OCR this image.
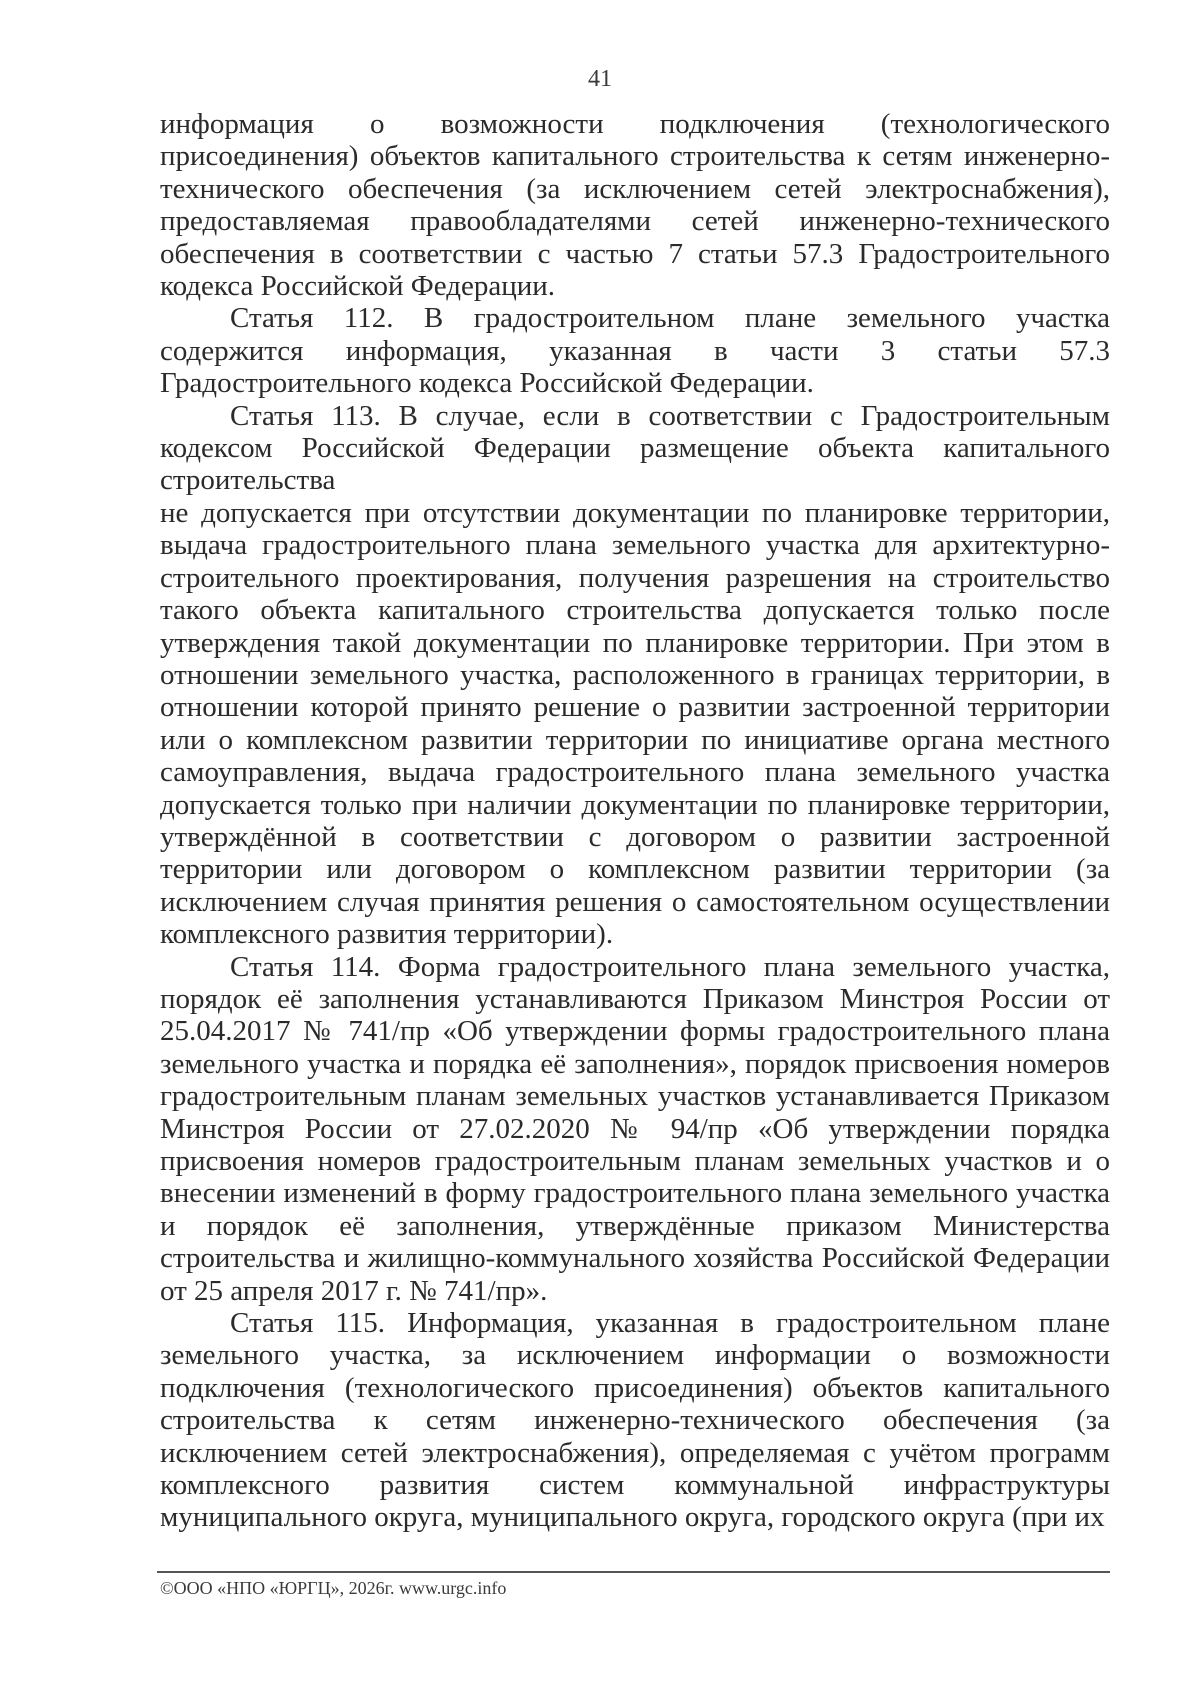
41

информация о возможности подключения (технологического присоединения) объектов капитального строительства к сетям инженерно-технического обеспечения (за исключением сетей электроснабжения), предоставляемая правообладателями сетей инженерно-технического обеспечения в соответствии с частью 7 статьи 57.3 Градостроительного кодекса Российской Федерации.

Статья 112. В градостроительном плане земельного участка содержится информация, указанная в части 3 статьи 57.3 Градостроительного кодекса Российской Федерации.

Статья 113. В случае, если в соответствии с Градостроительным кодексом Российской Федерации размещение объекта капитального строительства

не допускается при отсутствии документации по планировке территории, выдача градостроительного плана земельного участка для архитектурно- строительного проектирования, получения разрешения на строительство такого объекта капитального строительства допускается только после утверждения такой документации по планировке территории. При этом в отношении земельного участка, расположенного в границах территории, в отношении которой принято решение о развитии застроенной территории или о комплексном развитии территории по инициативе органа местного самоуправления, выдача градостроительного плана земельного участка допускается только при наличии документации по планировке территории, утверждённой в соответствии с договором о развитии застроенной территории или договором о комплексном развитии территории (за исключением случая принятия решения о самостоятельном осуществлении комплексного развития территории).

Статья 114. Форма градостроительного плана земельного участка, порядок её заполнения устанавливаются Приказом Минстроя России от 25.04.2017 № 741/пр «Об утверждении формы градостроительного плана земельного участка и порядка её заполнения», порядок присвоения номеров градостроительным планам земельных участков устанавливается Приказом Минстроя России от 27.02.2020 № 94/пр «Об утверждении порядка присвоения номеров градостроительным планам земельных участков и о внесении изменений в форму градостроительного плана земельного участка и порядок её заполнения, утверждённые приказом Министерства строительства и жилищно-коммунального хозяйства Российской Федерации от 25 апреля 2017 г. № 741/пр».

Статья 115. Информация, указанная в градостроительном плане земельного участка, за исключением информации о возможности подключения (технологического присоединения) объектов капитального строительства к сетям инженерно-технического обеспечения (за исключением сетей электроснабжения), определяемая с учётом программ комплексного развития систем коммунальной инфраструктуры муниципального округа, муниципального округа, городского округа (при их

©ООО «НПО «ЮРГЦ», 2026г. www.urgc.info
